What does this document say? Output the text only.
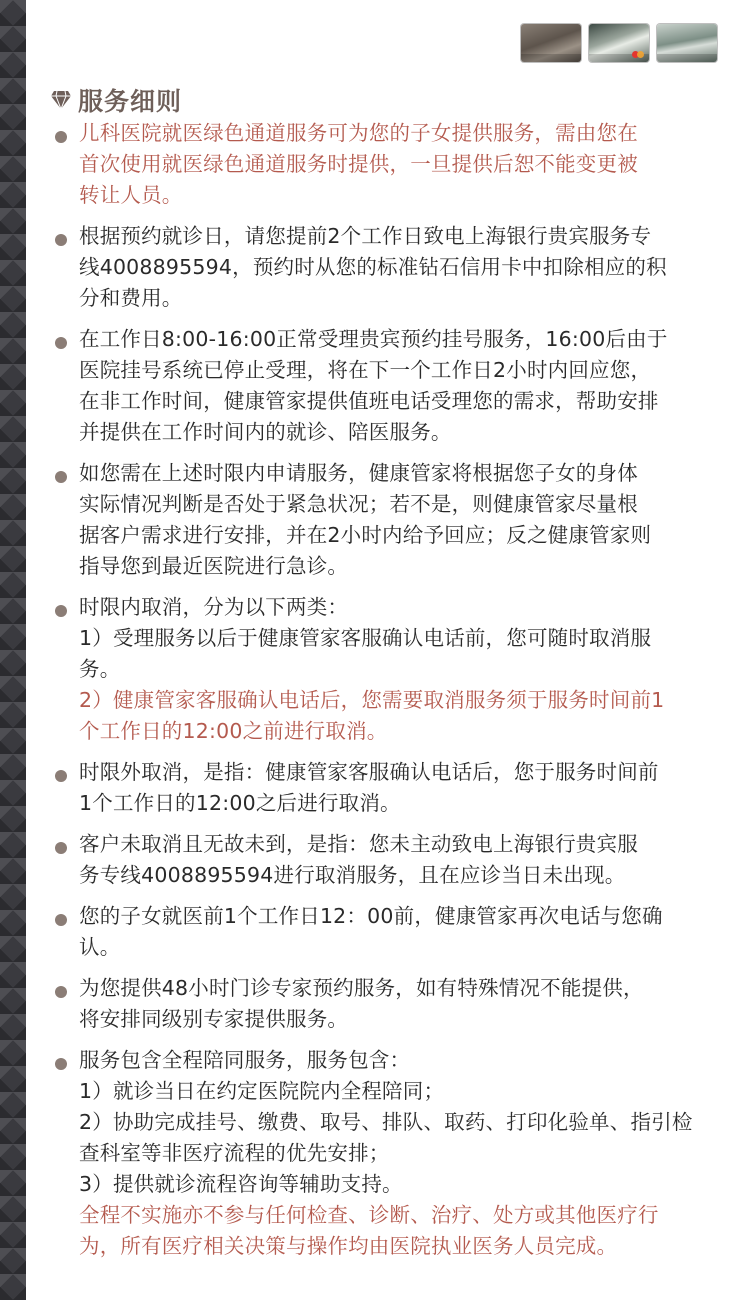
服务细则
儿科医院就医绿色通道服务可为您的子女提供服务，需由您在
首次使用就医绿色通道服务时提供，一旦提供后恕不能变更被
转让人员。
根据预约就诊日，请您提前2个工作日致电上海银行贵宾服务专
线4008895594，预约时从您的标准钻石信用卡中扣除相应的积
分和费用。
在工作日8:00-16:00正常受理贵宾预约挂号服务，16:00后由于
医院挂号系统已停止受理，将在下一个工作日2小时内回应您，
在非工作时间，健康管家提供值班电话受理您的需求，帮助安排
并提供在工作时间内的就诊、陪医服务。
如您需在上述时限内申请服务，健康管家将根据您子女的身体
实际情况判断是否处于紧急状况；若不是，则健康管家尽量根
据客户需求进行安排，并在2小时内给予回应；反之健康管家则
指导您到最近医院进行急诊。
时限内取消，分为以下两类：
1）受理服务以后于健康管家客服确认电话前，您可随时取消服
务。
2）健康管家客服确认电话后，您需要取消服务须于服务时间前1
个工作日的12:00之前进行取消。
时限外取消，是指：健康管家客服确认电话后，您于服务时间前
1个工作日的12:00之后进行取消。
客户未取消且无故未到，是指：您未主动致电上海银行贵宾服
务专线4008895594进行取消服务，且在应诊当日未出现。
您的子女就医前1个工作日12：00前，健康管家再次电话与您确
认。
为您提供48小时门诊专家预约服务，如有特殊情况不能提供，
将安排同级别专家提供服务。
服务包含全程陪同服务，服务包含：
1）就诊当日在约定医院院内全程陪同；
2）协助完成挂号、缴费、取号、排队、取药、打印化验单、指引检
查科室等非医疗流程的优先安排；
3）提供就诊流程咨询等辅助支持。
全程不实施亦不参与任何检查、诊断、治疗、处方或其他医疗行
为，所有医疗相关决策与操作均由医院执业医务人员完成。
